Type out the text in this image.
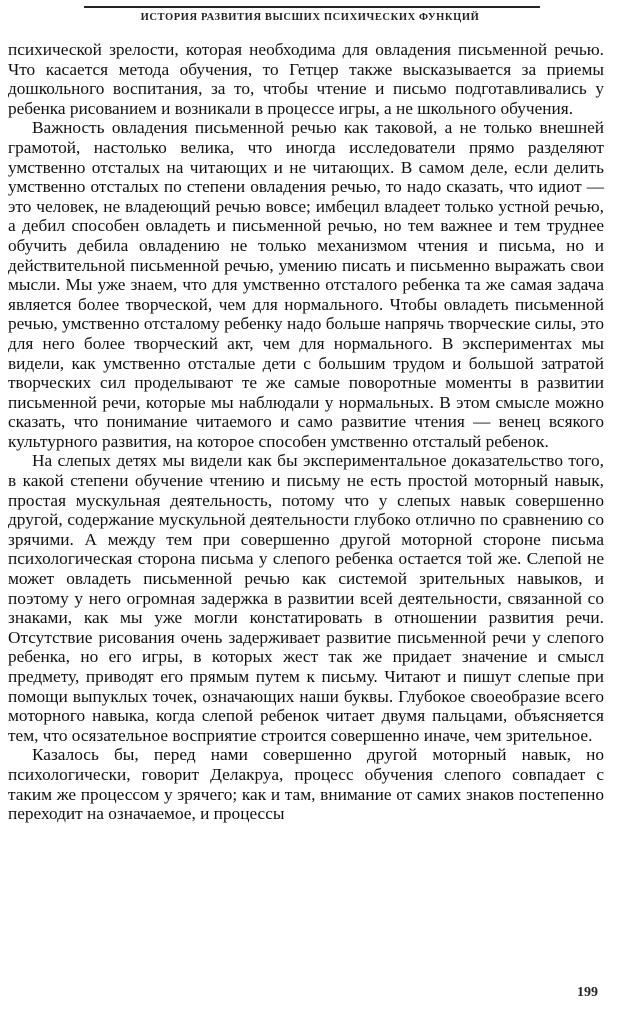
ИСТОРИЯ РАЗВИТИЯ ВЫСШИХ ПСИХИЧЕСКИХ ФУНКЦИЙ

психической зрелости, которая необходима для овладения письменной речью. Что касается метода обучения, то Гетцер также высказывается за приемы дошкольного воспитания, за то, чтобы чтение и письмо подготавливались у ребенка рисованием и возникали в процессе игры, а не школьного обучения.

Важность овладения письменной речью как таковой, а не только внешней грамотой, настолько велика, что иногда исследователи прямо разделяют умственно отсталых на читающих и не читающих. В самом деле, если делить умственно отсталых по степени овладения речью, то надо сказать, что идиот — это человек, не владеющий речью вовсе; имбецил владеет только устной речью, а дебил способен овладеть и письменной речью, но тем важнее и тем труднее обучить дебила овладению не только механизмом чтения и письма, но и действительной письменной речью, умению писать и письменно выражать свои мысли. Мы уже знаем, что для умственно отсталого ребенка та же самая задача является более творческой, чем для нормального. Чтобы овладеть письменной речью, умственно отсталому ребенку надо больше напрячь творческие силы, это для него более творческий акт, чем для нормального. В экспериментах мы видели, как умственно отсталые дети с большим трудом и большой затратой творческих сил проделывают те же самые поворотные моменты в развитии письменной речи, которые мы наблюдали у нормальных. В этом смысле можно сказать, что понимание читаемого и само развитие чтения — венец всякого культурного развития, на которое способен умственно отсталый ребенок.

На слепых детях мы видели как бы экспериментальное доказательство того, в какой степени обучение чтению и письму не есть простой моторный навык, простая мускульная деятельность, потому что у слепых навык совершенно другой, содержание мускульной деятельности глубоко отлично по сравнению со зрячими. А между тем при совершенно другой моторной стороне письма психологическая сторона письма у слепого ребенка остается той же. Слепой не может овладеть письменной речью как системой зрительных навыков, и поэтому у него огромная задержка в развитии всей деятельности, связанной со знаками, как мы уже могли констатировать в отношении развития речи. Отсутствие рисования очень задерживает развитие письменной речи у слепого ребенка, но его игры, в которых жест так же придает значение и смысл предмету, приводят его прямым путем к письму. Читают и пишут слепые при помощи выпуклых точек, означающих наши буквы. Глубокое своеобразие всего моторного навыка, когда слепой ребенок читает двумя пальцами, объясняется тем, что осязательное восприятие строится совершенно иначе, чем зрительное.

Казалось бы, перед нами совершенно другой моторный навык, но психологически, говорит Делакруа, процесс обучения слепого совпадает с таким же процессом у зрячего; как и там, внимание от самих знаков постепенно переходит на означаемое, и процессы

199
